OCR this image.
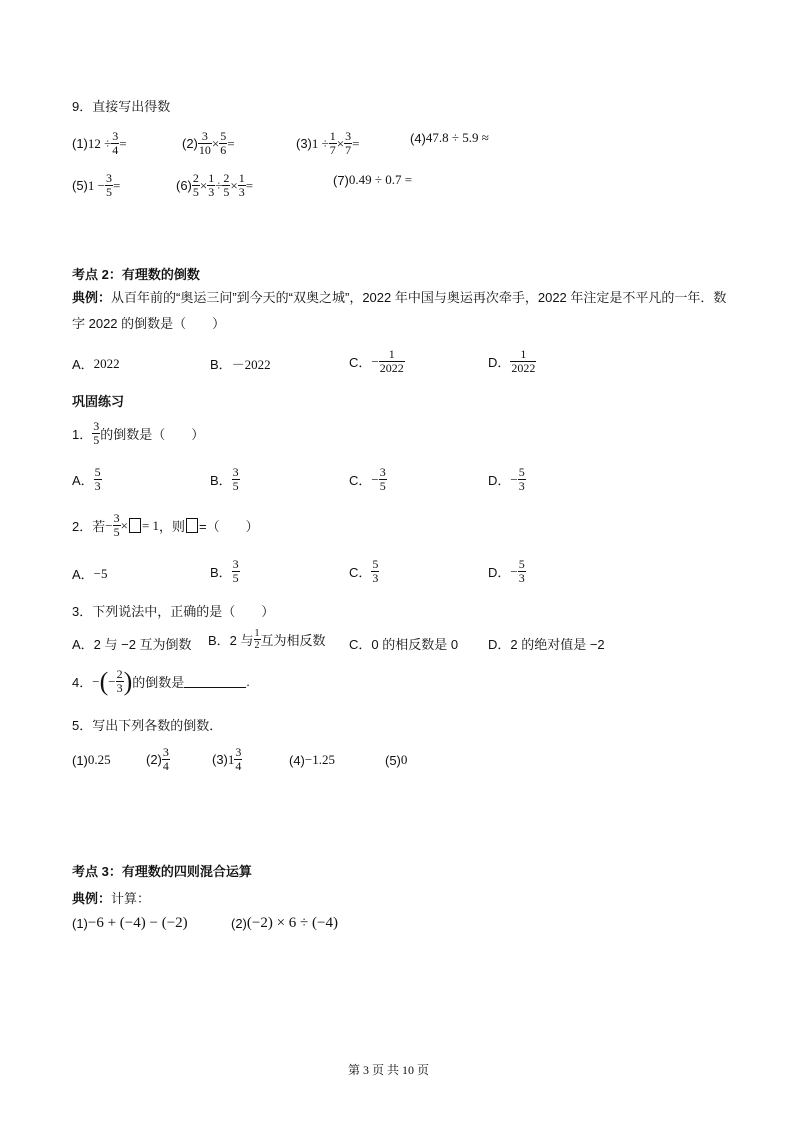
9．直接写出得数
(1) $12 \div \frac{3}{4}$ =	$(2) \frac{3}{10} \times \frac{5}{6}$ =	(3) $1 \div \frac{1}{7} \times \frac{3}{7}$ =	(4) 47.8 ÷ 5.9 ≈
(5) $1 - \frac{3}{5}$ =	$(6) \frac{2}{5} \times \frac{1}{3} \div \frac{2}{5} \times \frac{1}{3}$ =	(7) 0.49 ÷ 0.7 =
考点 2：有理数的倒数
典例：从百年前的“奥运三问”到今天的“双奥之城”，2022 年中国与奥运再次牵手，2022 年注定是不平凡的一年．数字 2022 的倒数是（　　）
A． 2022	B． －2022	C． − $\frac{1}{2022}$	D． $\frac{1}{2022}$
巩固练习
1． $\frac{3}{5}$ 的倒数是（　　）
A． $\frac{5}{3}$	B． $\frac{3}{5}$	C． − $\frac{3}{5}$	D． − $\frac{5}{3}$
2． 若 − $\frac{3}{5}$ × = 1 ，则 =（　　）
A． −5	B． $\frac{3}{5}$	C． $\frac{5}{3}$	D． − $\frac{5}{3}$
3．下列说法中，正确的是（　　）
A．2 与 −2 互为倒数 B．2 与 $\frac{1}{2}$ 互为相反数 C．0 的相反数是 0 D．2 的绝对值是 −2
4． − ( − $\frac{2}{3}$ ) 的倒数是	.
5．写出下列各数的倒数．
(1) 0.25	$(2) \frac{3}{4}$	(3) $1 \frac{3}{4}$	(4) −1.25	(5) 0
考点 3：有理数的四则混合运算
典例：计算：
(1) −6 + (−4) − (−2)	(2) (−2) × 6 ÷ (−4)
第 3 页 共 10 页
